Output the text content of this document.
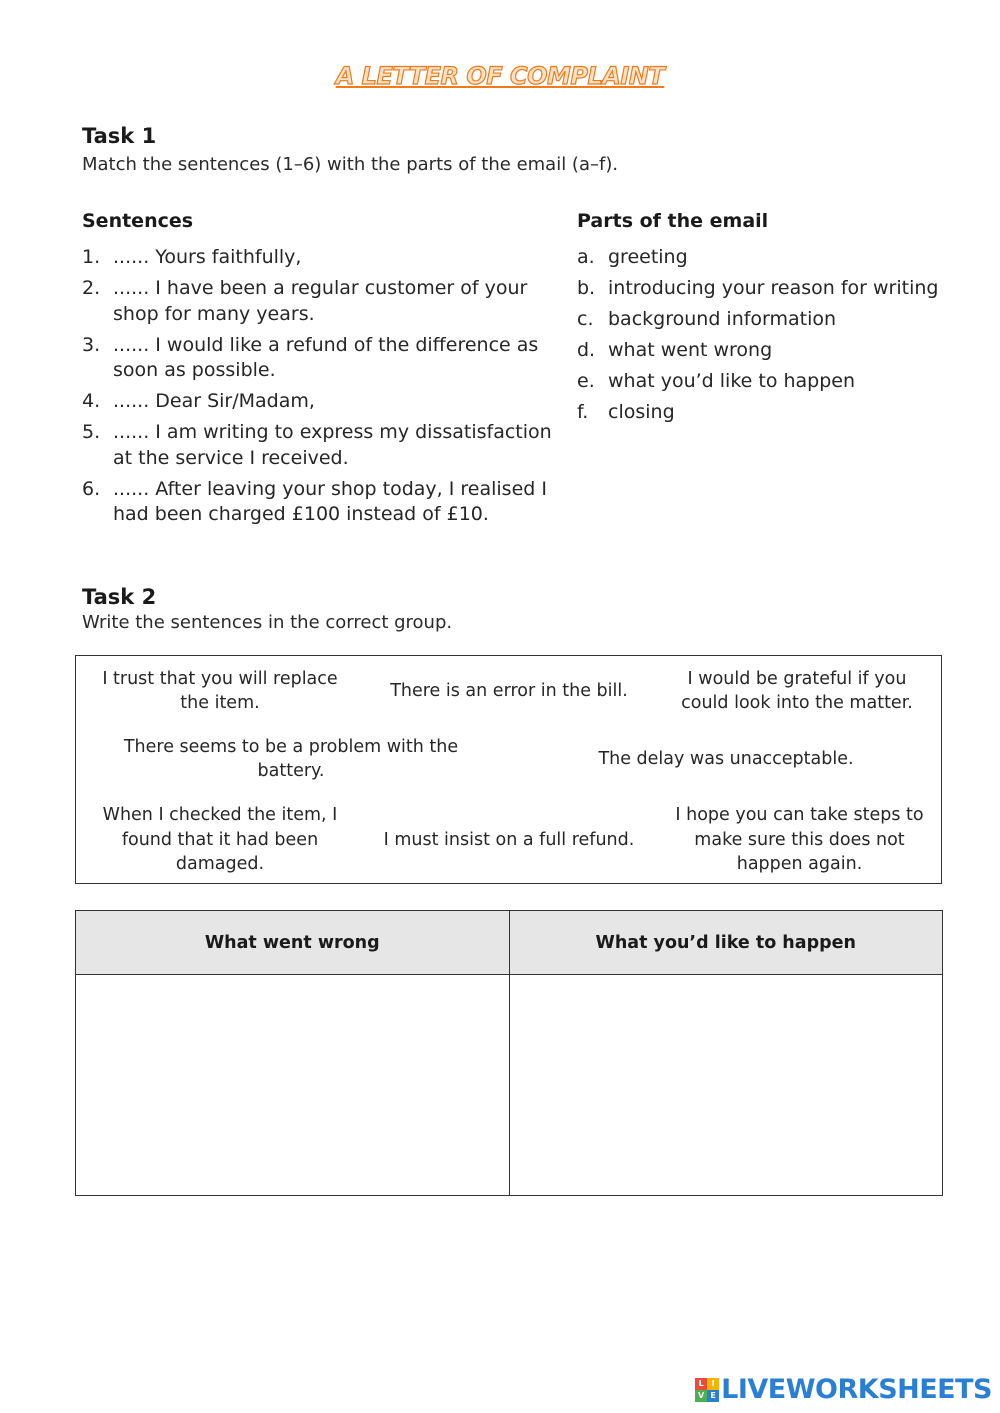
A LETTER OF COMPLAINT
Task 1
Match the sentences (1–6) with the parts of the email (a–f).
Sentences	Parts of the email
1. ...... Yours faithfully,
2. ...... I have been a regular customer of your shop for many years.
3. ...... I would like a refund of the difference as soon as possible.
4. ...... Dear Sir/Madam,
5. ...... I am writing to express my dissatisfaction at the service I received.
6. ...... After leaving your shop today, I realised I had been charged £100 instead of £10.
a. greeting
b. introducing your reason for writing
c. background information
d. what went wrong
e. what you’d like to happen
f. closing
Task 2
Write the sentences in the correct group.
I trust that you will replace the item.
There is an error in the bill.
I would be grateful if you could look into the matter.
There seems to be a problem with the battery.
The delay was unacceptable.
When I checked the item, I found that it had been damaged.
I must insist on a full refund.
I hope you can take steps to make sure this does not happen again.
What went wrong	What you’d like to happen

L I
V E LIVEWORKSHEETS
